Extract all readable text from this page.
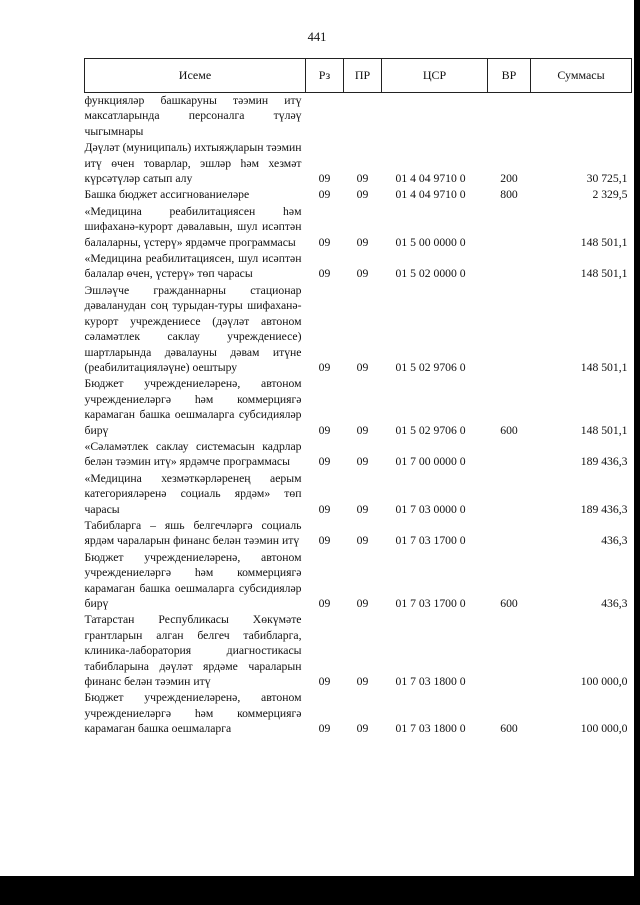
441
Исеме	Рз	ПР	ЦСР	ВР	Суммасы
функцияләр башкаруны тәэмин итү максатларында персоналга түләү чыгымнары					
Дәүләт (муниципаль) ихтыяҗларын тәэмин итү өчен товарлар, эшләр һәм хезмәт күрсәтүләр сатып алу	09	09	01 4 04 9710 0	200	30 725,1
Башка бюджет ассигнованиеләре	09	09	01 4 04 9710 0	800	2 329,5
«Медицина реабилитациясен һәм шифаханә-курорт дәвалавын, шул исәптән балаларны, үстерү» ярдәмче программасы	09	09	01 5 00 0000 0		148 501,1
«Медицина реабилитациясен, шул исәптән балалар өчен, үстерү» төп чарасы	09	09	01 5 02 0000 0		148 501,1
Эшләүче гражданнарны стационар дәваланудан соң турыдан-туры шифаханә-курорт учреждениесе (дәүләт автоном сәламәтлек саклау учреждениесе) шартларында дәвалауны дәвам итүне (реабилитацияләүне) оештыру	09	09	01 5 02 9706 0		148 501,1
Бюджет учреждениеләренә, автоном учреждениеләргә һәм коммерциягә карамаган башка оешмаларга субсидияләр бирү	09	09	01 5 02 9706 0	600	148 501,1
«Сәламәтлек саклау системасын кадрлар белән тәэмин итү» ярдәмче программасы	09	09	01 7 00 0000 0		189 436,3
«Медицина хезмәткәрләренең аерым категорияләренә социаль ярдәм» төп чарасы	09	09	01 7 03 0000 0		189 436,3
Табибларга – яшь белгечләргә социаль ярдәм чараларын финанс белән тәэмин итү	09	09	01 7 03 1700 0		436,3
Бюджет учреждениеләренә, автоном учреждениеләргә һәм коммерциягә карамаган башка оешмаларга субсидияләр бирү	09	09	01 7 03 1700 0	600	436,3
Татарстан Республикасы Хөкүмәте грантларын алган белгеч табибларга, клиника-лаборатория диагностикасы табибларына дәүләт ярдәме чараларын финанс белән тәэмин итү	09	09	01 7 03 1800 0		100 000,0
Бюджет учреждениеләренә, автоном учреждениеләргә һәм коммерциягә карамаган башка оешмаларга	09	09	01 7 03 1800 0	600	100 000,0
